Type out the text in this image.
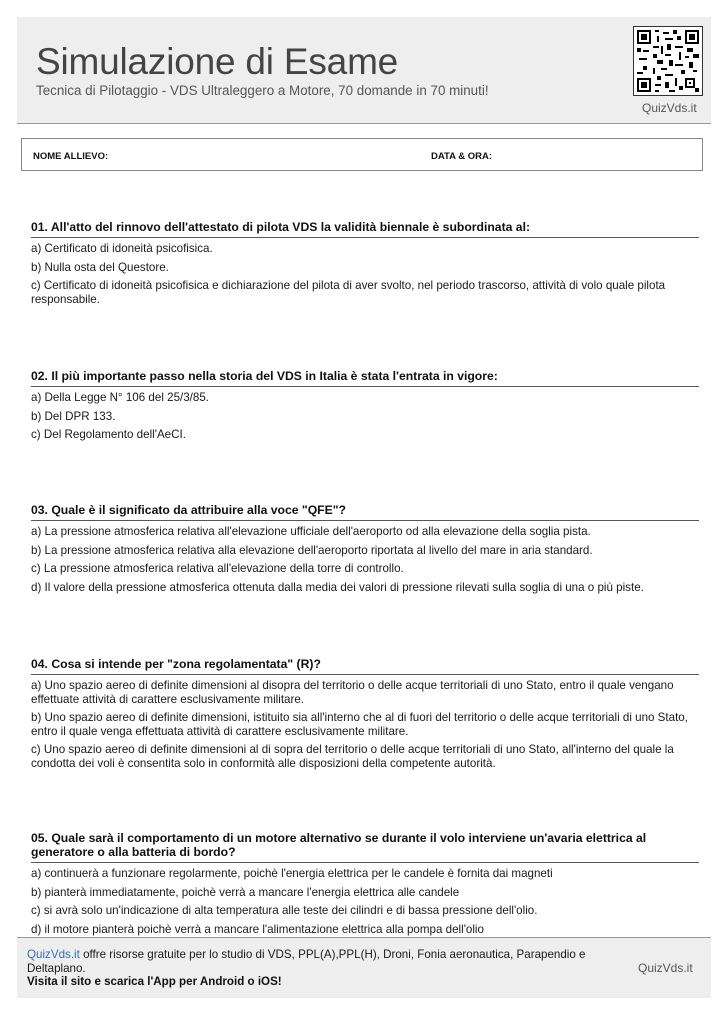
Simulazione di Esame
Tecnica di Pilotaggio - VDS Ultraleggero a Motore, 70 domande in 70 minuti!
QuizVds.it
NOME ALLIEVO:	DATA & ORA:
01. All'atto del rinnovo dell'attestato di pilota VDS la validità biennale è subordinata al:
a) Certificato di idoneità psicofisica.
b) Nulla osta del Questore.
c) Certificato di idoneità psicofisica e dichiarazione del pilota di aver svolto, nel periodo trascorso, attività di volo quale pilota responsabile.
02. Il più importante passo nella storia del VDS in Italia è stata l'entrata in vigore:
a) Della Legge N° 106 del 25/3/85.
b) Del DPR 133.
c) Del Regolamento dell'AeCI.
03. Quale è il significato da attribuire alla voce "QFE"?
a) La pressione atmosferica relativa all'elevazione ufficiale dell'aeroporto od alla elevazione della soglia pista.
b) La pressione atmosferica relativa alla elevazione dell'aeroporto riportata al livello del mare in aria standard.
c) La pressione atmosferica relativa all'elevazione della torre di controllo.
d) Il valore della pressione atmosferica ottenuta dalla media dei valori di pressione rilevati sulla soglia di una o più piste.
04. Cosa si intende per "zona regolamentata" (R)?
a) Uno spazio aereo di definite dimensioni al disopra del territorio o delle acque territoriali di uno Stato, entro il quale vengano effettuate attività di carattere esclusivamente militare.
b) Uno spazio aereo di definite dimensioni, istituito sia all'interno che al di fuori del territorio o delle acque territoriali di uno Stato, entro il quale venga effettuata attività di carattere esclusivamente militare.
c) Uno spazio aereo di definite dimensioni al di sopra del territorio o delle acque territoriali di uno Stato, all'interno del quale la condotta dei voli è consentita solo in conformità alle disposizioni della competente autorità.
05. Quale sarà il comportamento di un motore alternativo se durante il volo interviene un'avaria elettrica al generatore o alla batteria di bordo?
a) continuerà a funzionare regolarmente, poichè l'energia elettrica per le candele è fornita dai magneti
b) pianterà immediatamente, poichè verrà a mancare l'energia elettrica alle candele
c) si avrà solo un'indicazione di alta temperatura alle teste dei cilindri e di bassa pressione dell'olio.
d) il motore pianterà poichè verrà a mancare l'alimentazione elettrica alla pompa dell'olio
QuizVds.it offre risorse gratuite per lo studio di VDS, PPL(A),PPL(H), Droni, Fonia aeronautica, Parapendio e Deltaplano.
Visita il sito e scarica l'App per Android o iOS!
QuizVds.it
